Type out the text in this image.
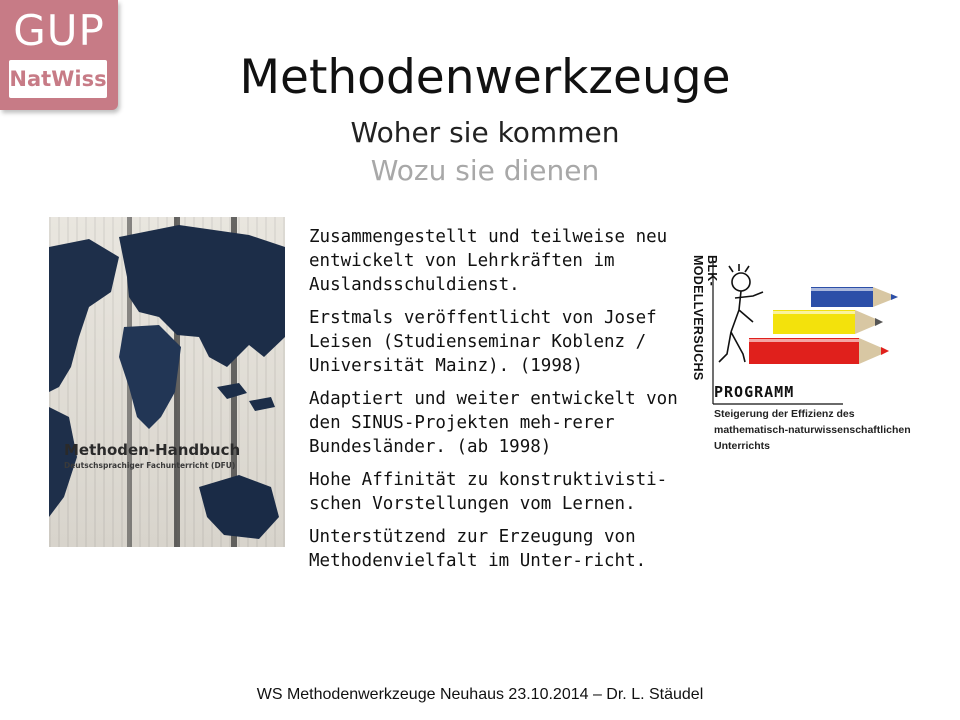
GUP
NatWiss	Methodenwerkzeuge
Woher sie kommen
Wozu sie dienen
Methoden-Handbuch
Deutschsprachiger Fachunterricht (DFU)
Zusammengestellt und teilweise neu entwickelt von Lehrkräften im Auslandsschuldienst.
Erstmals veröffentlicht von Josef Leisen (Studienseminar Koblenz / Universität Mainz). (1998)
Adaptiert und weiter entwickelt von den SINUS-Projekten meh-rerer Bundesländer. (ab 1998)
Hohe Affinität zu konstruktivisti-schen Vorstellungen vom Lernen.
Unterstützend zur Erzeugung von Methodenvielfalt im Unter-richt.
BLK-MODELLVERSUCHS
PROGRAMM
Steigerung der Effizienz des
mathematisch-naturwissenschaftlichen
Unterrichts
WS Methodenwerkzeuge Neuhaus 23.10.2014 – Dr. L. Stäudel
